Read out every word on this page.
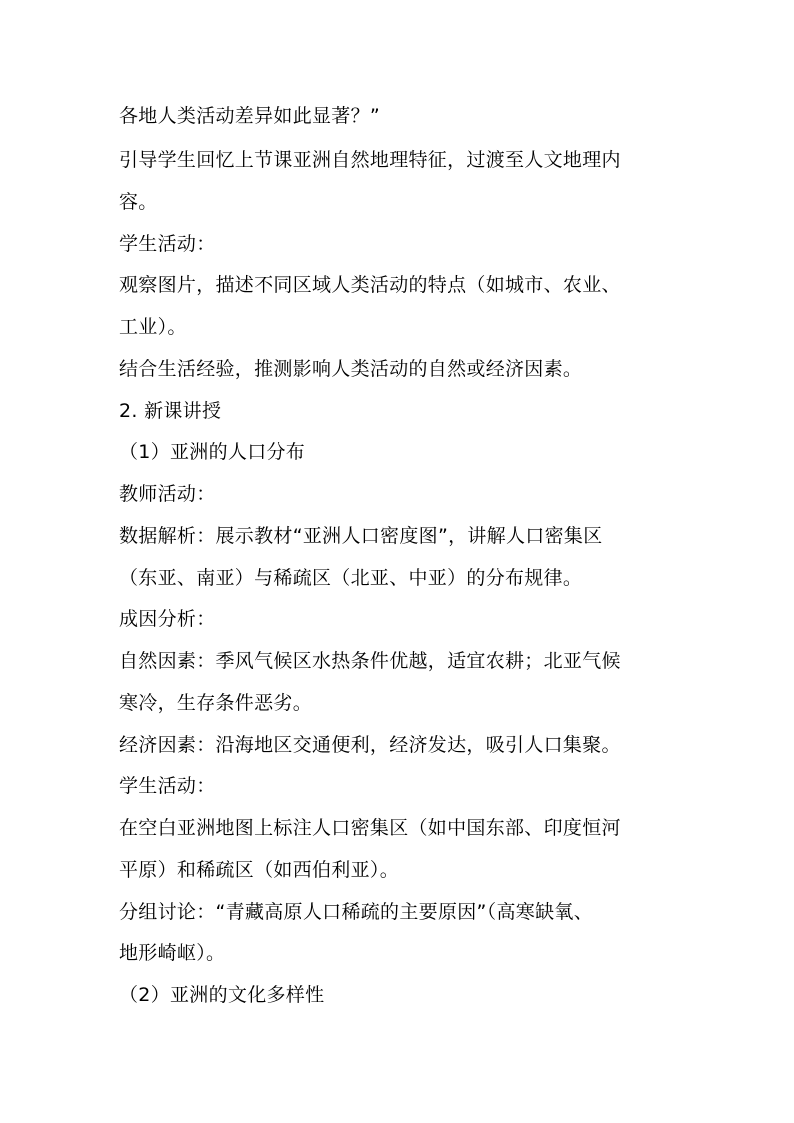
各地人类活动差异如此显著？”
引导学生回忆上节课亚洲自然地理特征，过渡至人文地理内
容。
学生活动：
观察图片，描述不同区域人类活动的特点（如城市、农业、
工业）。
结合生活经验，推测影响人类活动的自然或经济因素。
2. 新课讲授
（1）亚洲的人口分布
教师活动：
数据解析：展示教材“亚洲人口密度图”，讲解人口密集区
（东亚、南亚）与稀疏区（北亚、中亚）的分布规律。
成因分析：
自然因素：季风气候区水热条件优越，适宜农耕；北亚气候
寒冷，生存条件恶劣。
经济因素：沿海地区交通便利，经济发达，吸引人口集聚。
学生活动：
在空白亚洲地图上标注人口密集区（如中国东部、印度恒河
平原）和稀疏区（如西伯利亚）。
分组讨论：“青藏高原人口稀疏的主要原因”（高寒缺氧、
地形崎岖）。
（2）亚洲的文化多样性
